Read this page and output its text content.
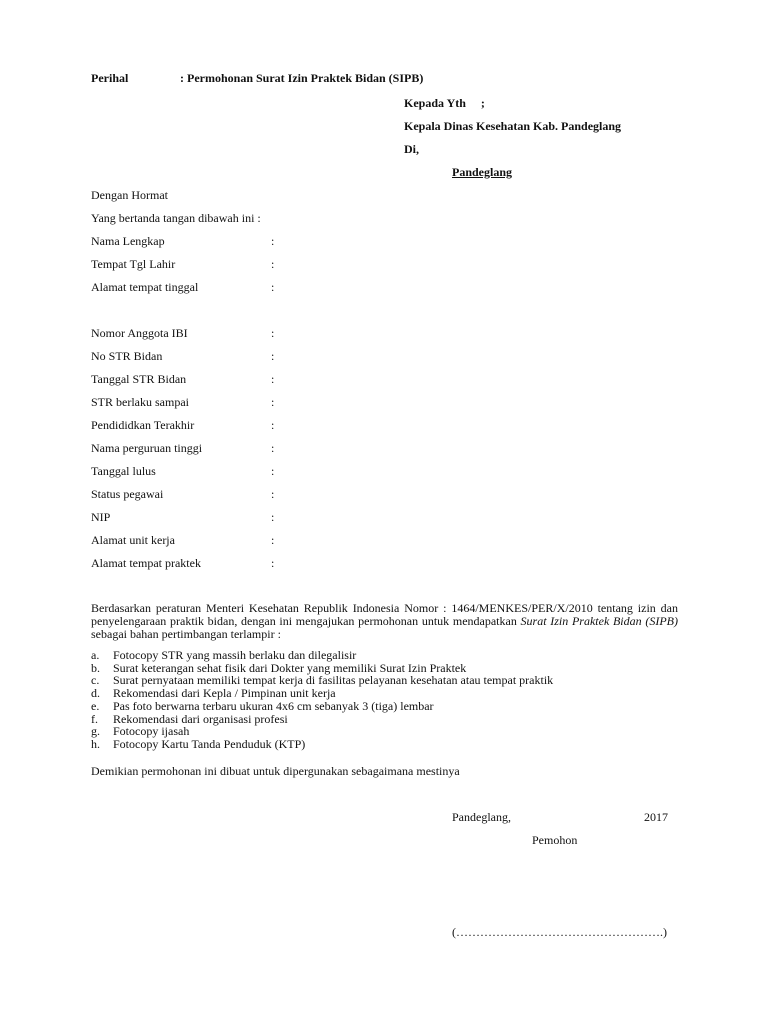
Perihal	: Permohonan Surat Izin Praktek Bidan (SIPB)
Kepada Yth     ;
Kepala Dinas Kesehatan Kab. Pandeglang
Di,
Pandeglang
Dengan Hormat
Yang bertanda tangan dibawah ini :
Nama Lengkap	:
Tempat Tgl Lahir	:
Alamat tempat tinggal	:
Nomor Anggota IBI	:
No STR Bidan	:
Tanggal STR Bidan	:
STR berlaku sampai	:
Pendididkan Terakhir	:
Nama perguruan tinggi	:
Tanggal lulus	:
Status pegawai	:
NIP	:
Alamat unit kerja	:
Alamat tempat praktek	:
Berdasarkan peraturan Menteri Kesehatan Republik Indonesia Nomor : 1464/MENKES/PER/X/2010 tentang izin dan penyelengaraan praktik bidan, dengan ini mengajukan permohonan untuk mendapatkan Surat Izin Praktek Bidan (SIPB) sebagai bahan pertimbangan terlampir :
a. Fotocopy STR yang massih berlaku dan dilegalisir
b. Surat keterangan sehat fisik dari Dokter yang memiliki Surat Izin Praktek
c. Surat pernyataan memiliki tempat kerja di fasilitas pelayanan kesehatan atau tempat praktik
d. Rekomendasi dari Kepla / Pimpinan unit kerja
e. Pas foto berwarna terbaru ukuran 4x6 cm sebanyak 3 (tiga) lembar
f. Rekomendasi dari organisasi profesi
g. Fotocopy ijasah
h. Fotocopy Kartu Tanda Penduduk (KTP)
Demikian permohonan ini dibuat untuk dipergunakan sebagaimana mestinya
Pandeglang,	2017
Pemohon
(…………………………………………….)
